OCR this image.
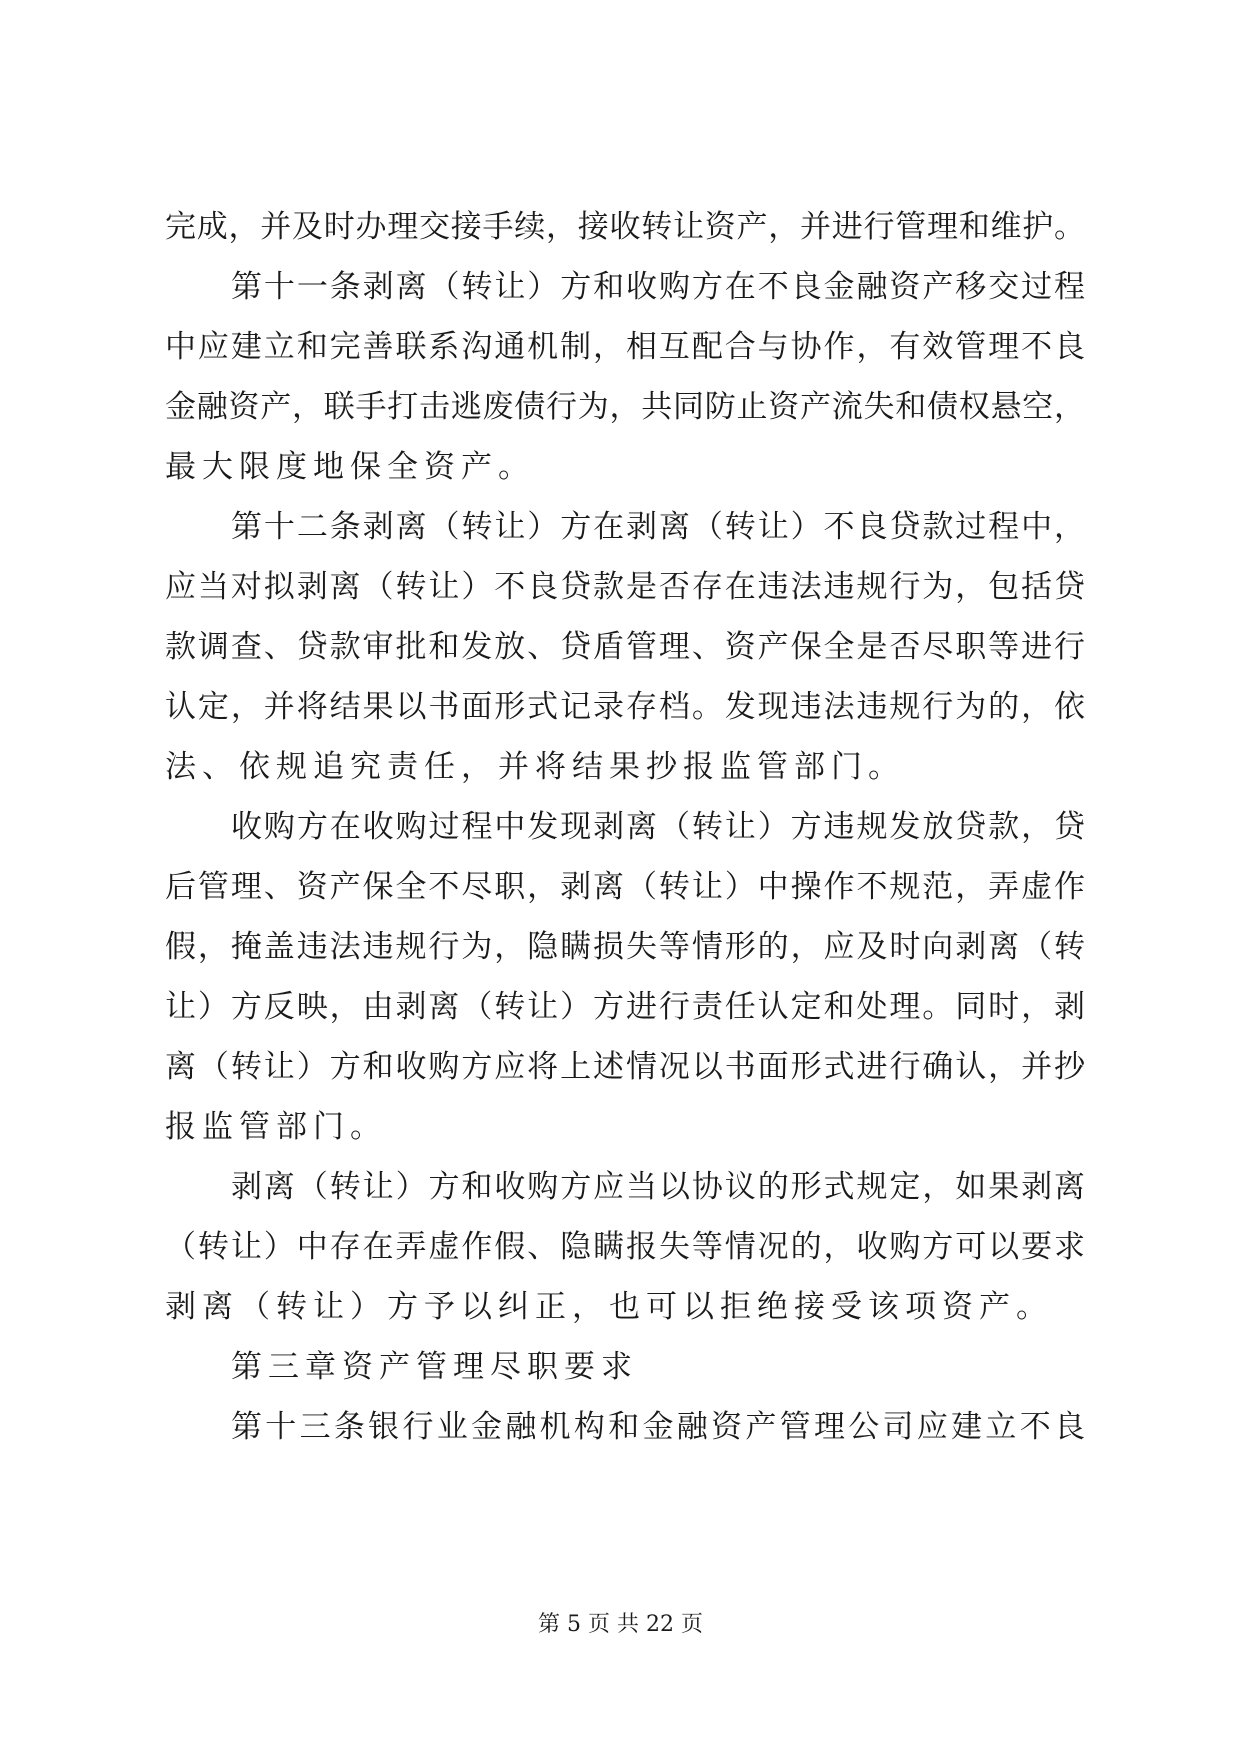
完成，并及时办理交接手续，接收转让资产，并进行管理和维护。
第十一条剥离（转让）方和收购方在不良金融资产移交过程
中应建立和完善联系沟通机制，相互配合与协作，有效管理不良
金融资产，联手打击逃废债行为，共同防止资产流失和债权悬空，
最大限度地保全资产。
第十二条剥离（转让）方在剥离（转让）不良贷款过程中，
应当对拟剥离（转让）不良贷款是否存在违法违规行为，包括贷
款调查、贷款审批和发放、贷盾管理、资产保全是否尽职等进行
认定，并将结果以书面形式记录存档。发现违法违规行为的，依
法、依规追究责任，并将结果抄报监管部门。
收购方在收购过程中发现剥离（转让）方违规发放贷款，贷
后管理、资产保全不尽职，剥离（转让）中操作不规范，弄虚作
假，掩盖违法违规行为，隐瞒损失等情形的，应及时向剥离（转
让）方反映，由剥离（转让）方进行责任认定和处理。同时，剥
离（转让）方和收购方应将上述情况以书面形式进行确认，并抄
报监管部门。
剥离（转让）方和收购方应当以协议的形式规定，如果剥离
（转让）中存在弄虚作假、隐瞒报失等情况的，收购方可以要求
剥离（转让）方予以纠正，也可以拒绝接受该项资产。
第三章资产管理尽职要求
第十三条银行业金融机构和金融资产管理公司应建立不良
第 5 页 共 22 页
